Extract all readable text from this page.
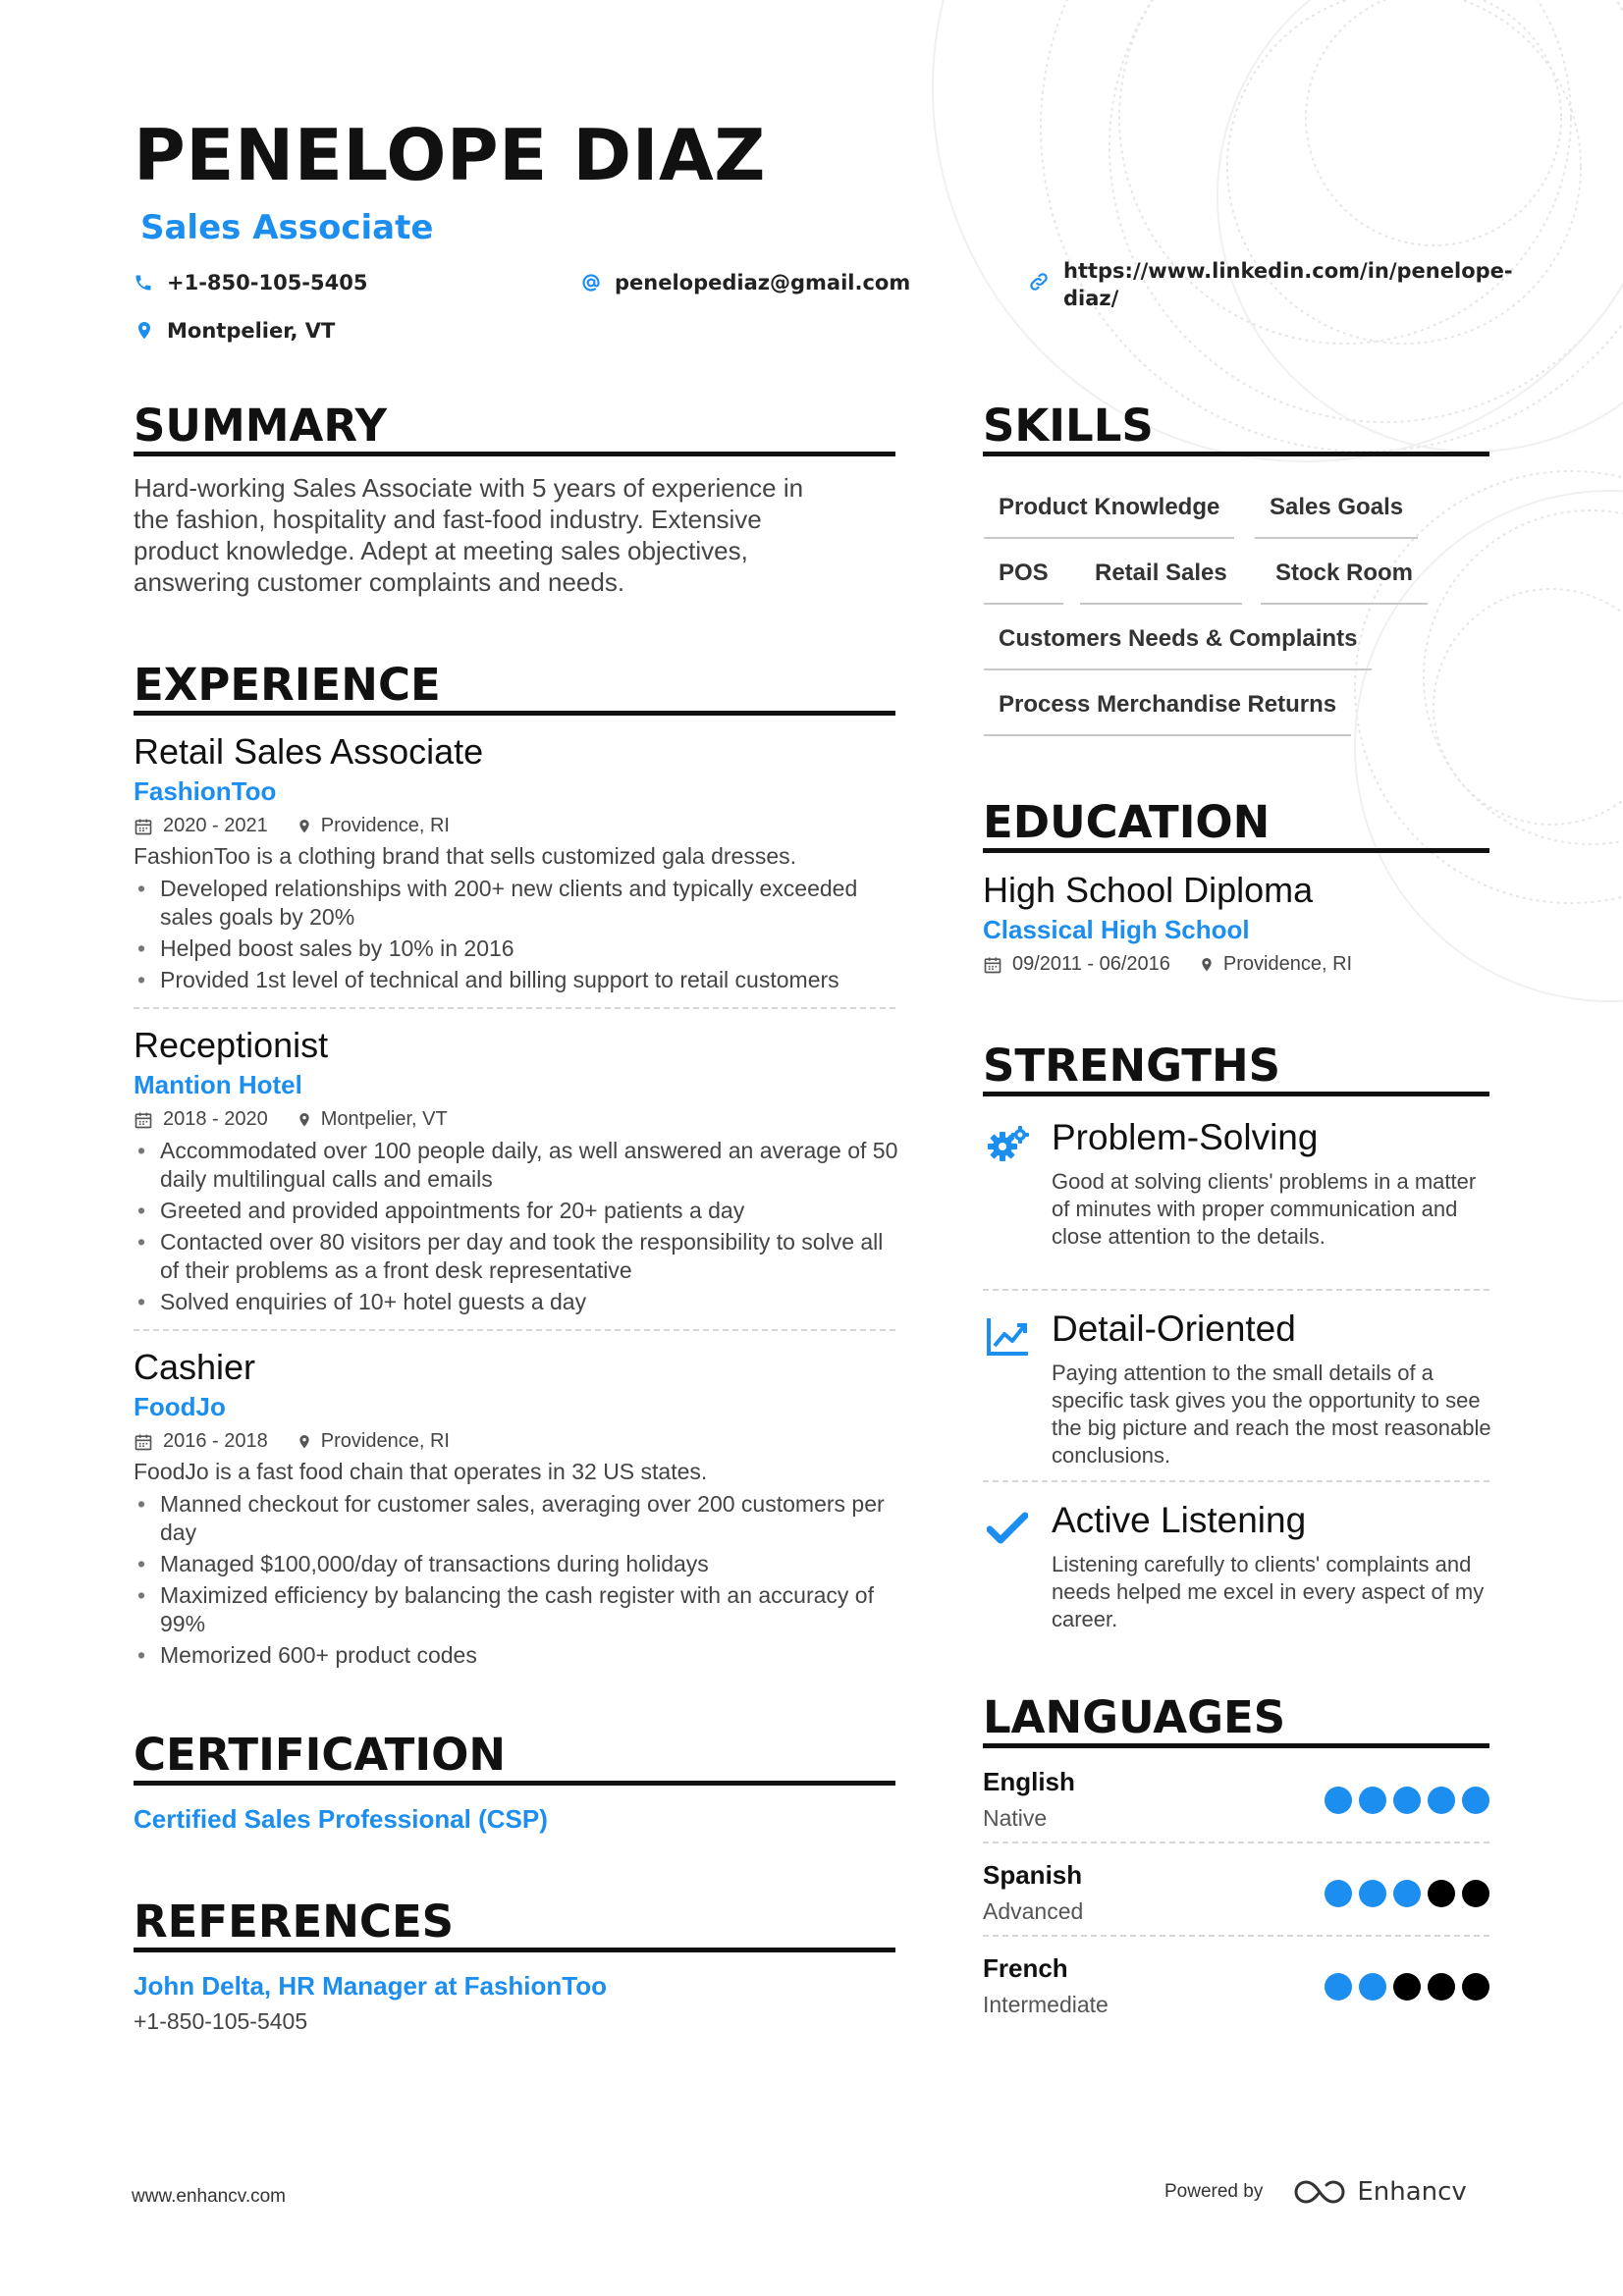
PENELOPE DIAZ
Sales Associate
+1-850-105-5405	penelopediaz@gmail.com	https://www.linkedin.com/in/penelope-
diaz/
Montpelier, VT
SUMMARY
Hard-working Sales Associate with 5 years of experience in
the fashion, hospitality and fast-food industry. Extensive
product knowledge. Adept at meeting sales objectives,
answering customer complaints and needs.
EXPERIENCE
Retail Sales Associate
FashionToo
2020 - 2021	Providence, RI
FashionToo is a clothing brand that sells customized gala dresses.
• Developed relationships with 200+ new clients and typically exceeded sales goals by 20%
• Helped boost sales by 10% in 2016
• Provided 1st level of technical and billing support to retail customers
Receptionist
Mantion Hotel
2018 - 2020	Montpelier, VT
• Accommodated over 100 people daily, as well answered an average of 50 daily multilingual calls and emails
• Greeted and provided appointments for 20+ patients a day
• Contacted over 80 visitors per day and took the responsibility to solve all of their problems as a front desk representative
• Solved enquiries of 10+ hotel guests a day
Cashier
FoodJo
2016 - 2018	Providence, RI
FoodJo is a fast food chain that operates in 32 US states.
• Manned checkout for customer sales, averaging over 200 customers per day
• Managed $100,000/day of transactions during holidays
• Maximized efficiency by balancing the cash register with an accuracy of 99%
• Memorized 600+ product codes
CERTIFICATION
Certified Sales Professional (CSP)
REFERENCES
John Delta, HR Manager at FashionToo
+1-850-105-5405
SKILLS
Product Knowledge	Sales Goals
POS	Retail Sales	Stock Room
Customers Needs & Complaints
Process Merchandise Returns
EDUCATION
High School Diploma
Classical High School
09/2011 - 06/2016	Providence, RI
STRENGTHS
Problem-Solving
Good at solving clients' problems in a matter of minutes with proper communication and close attention to the details.
Detail-Oriented
Paying attention to the small details of a specific task gives you the opportunity to see the big picture and reach the most reasonable conclusions.
Active Listening
Listening carefully to clients' complaints and needs helped me excel in every aspect of my career.
LANGUAGES
English
Native
Spanish
Advanced
French
Intermediate
www.enhancv.com	Powered by	Enhancv
